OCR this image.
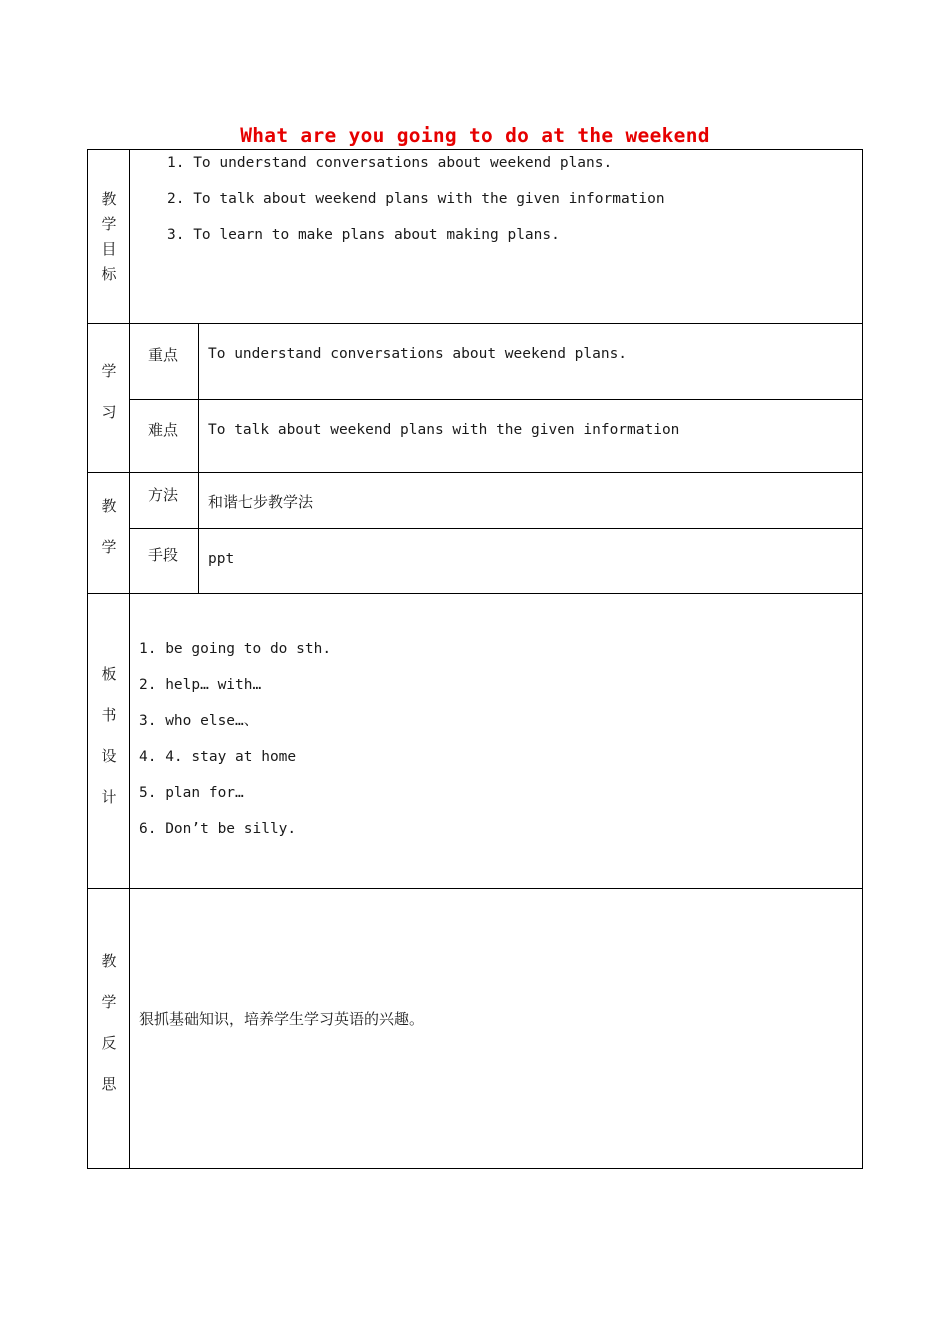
What are you going to do at the weekend
教
学
目
标
1. To understand conversations about weekend plans.
2. To talk about weekend plans with the given information
3. To learn to make plans about making plans.
学
习
重点 To understand conversations about weekend plans.
难点 To talk about weekend plans with the given information
教
学
方法 和谐七步教学法
手段 ppt
板
书
设
计
1. be going to do sth.
2. help… with…
3. who else…、
4. 4. stay at home
5. plan for…
6. Don’t be silly.
教
学
反
思
狠抓基础知识，培养学生学习英语的兴趣。
